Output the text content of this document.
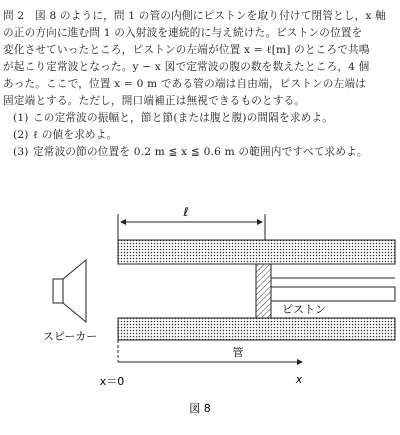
問 2　図 8 のように，問 1 の管の内側にピストンを取り付けて閉管とし，x 軸
の正の方向に進む問 1 の入射波を連続的に与え続けた。ピストンの位置を
変化させていったところ，ピストンの左端が位置 x = ℓ[m] のところで共鳴
が起こり定常波となった。y − x 図で定常波の腹の数を数えたところ，4 個
あった。ここで，位置 x = 0 m である管の端は自由端，ピストンの左端は
固定端とする。ただし，開口端補正は無視できるものとする。
(1) この定常波の振幅と，節と節(または腹と腹)の間隔を求めよ。
(2) ℓ の値を求めよ。
(3) 定常波の節の位置を 0.2 m ≦ x ≦ 0.6 m の範囲内ですべて求めよ。
ℓ
ピストン
スピーカー
管
x＝0	x
図 8
